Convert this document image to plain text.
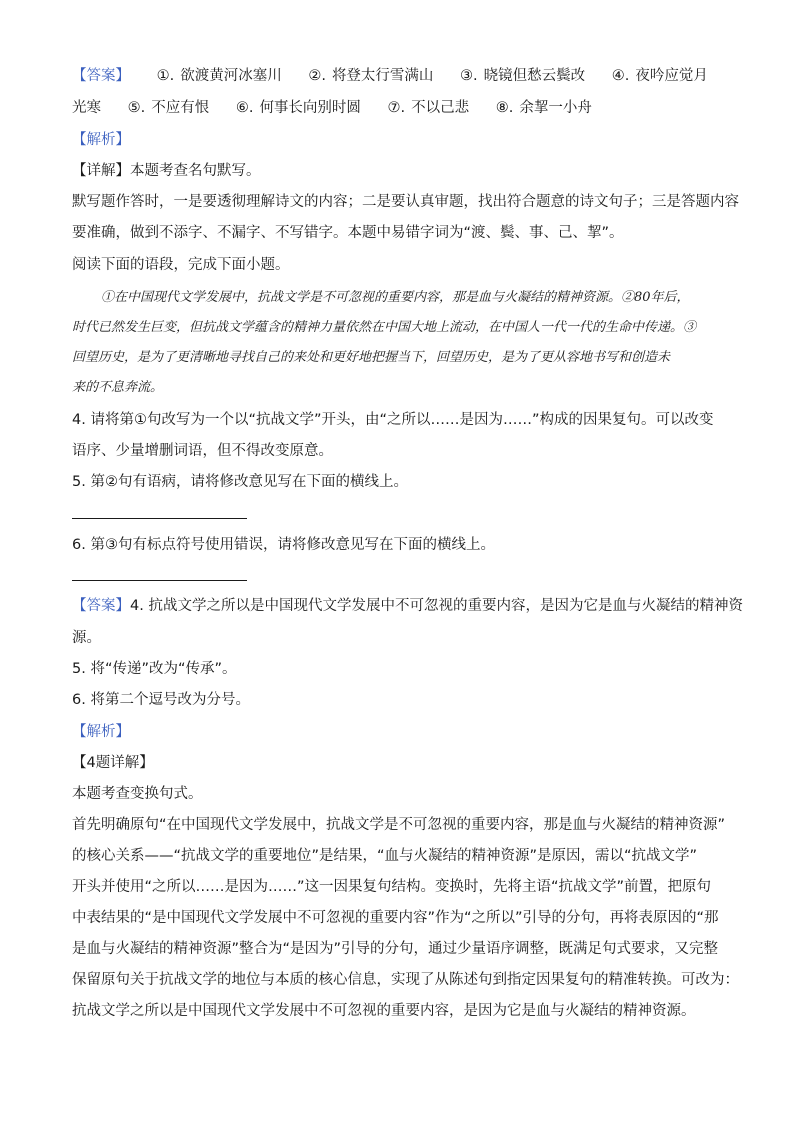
【答案】 ①. 欲渡黄河冰塞川 ②. 将登太行雪满山 ③. 晓镜但愁云鬓改 ④. 夜吟应觉月
光寒 ⑤. 不应有恨 ⑥. 何事长向别时圆 ⑦. 不以己悲 ⑧. 余挈一小舟
【解析】
【详解】本题考查名句默写。
默写题作答时，一是要透彻理解诗文的内容；二是要认真审题，找出符合题意的诗文句子；三是答题内容
要准确，做到不添字、不漏字、不写错字。本题中易错字词为“渡、鬓、事、己、挈”。
阅读下面的语段，完成下面小题。
①在中国现代文学发展中，抗战文学是不可忽视的重要内容，那是血与火凝结的精神资源。②80年后，
时代已然发生巨变，但抗战文学蕴含的精神力量依然在中国大地上流动，在中国人一代一代的生命中传递。③
回望历史，是为了更清晰地寻找自己的来处和更好地把握当下，回望历史，是为了更从容地书写和创造未
来的不息奔流。
4. 请将第①句改写为一个以“抗战文学”开头，由“之所以……是因为……”构成的因果复句。可以改变
语序、少量增删词语，但不得改变原意。
5. 第②句有语病，请将修改意见写在下面的横线上。
6. 第③句有标点符号使用错误，请将修改意见写在下面的横线上。
【答案】4. 抗战文学之所以是中国现代文学发展中不可忽视的重要内容，是因为它是血与火凝结的精神资
源。
5. 将“传递”改为“传承”。
6. 将第二个逗号改为分号。
【解析】
【4题详解】
本题考查变换句式。
首先明确原句“在中国现代文学发展中，抗战文学是不可忽视的重要内容，那是血与火凝结的精神资源”
的核心关系——“抗战文学的重要地位”是结果，“血与火凝结的精神资源”是原因，需以“抗战文学”
开头并使用“之所以……是因为……”这一因果复句结构。变换时，先将主语“抗战文学”前置，把原句
中表结果的“是中国现代文学发展中不可忽视的重要内容”作为“之所以”引导的分句，再将表原因的“那
是血与火凝结的精神资源”整合为“是因为”引导的分句，通过少量语序调整，既满足句式要求，又完整
保留原句关于抗战文学的地位与本质的核心信息，实现了从陈述句到指定因果复句的精准转换。可改为：
抗战文学之所以是中国现代文学发展中不可忽视的重要内容，是因为它是血与火凝结的精神资源。
